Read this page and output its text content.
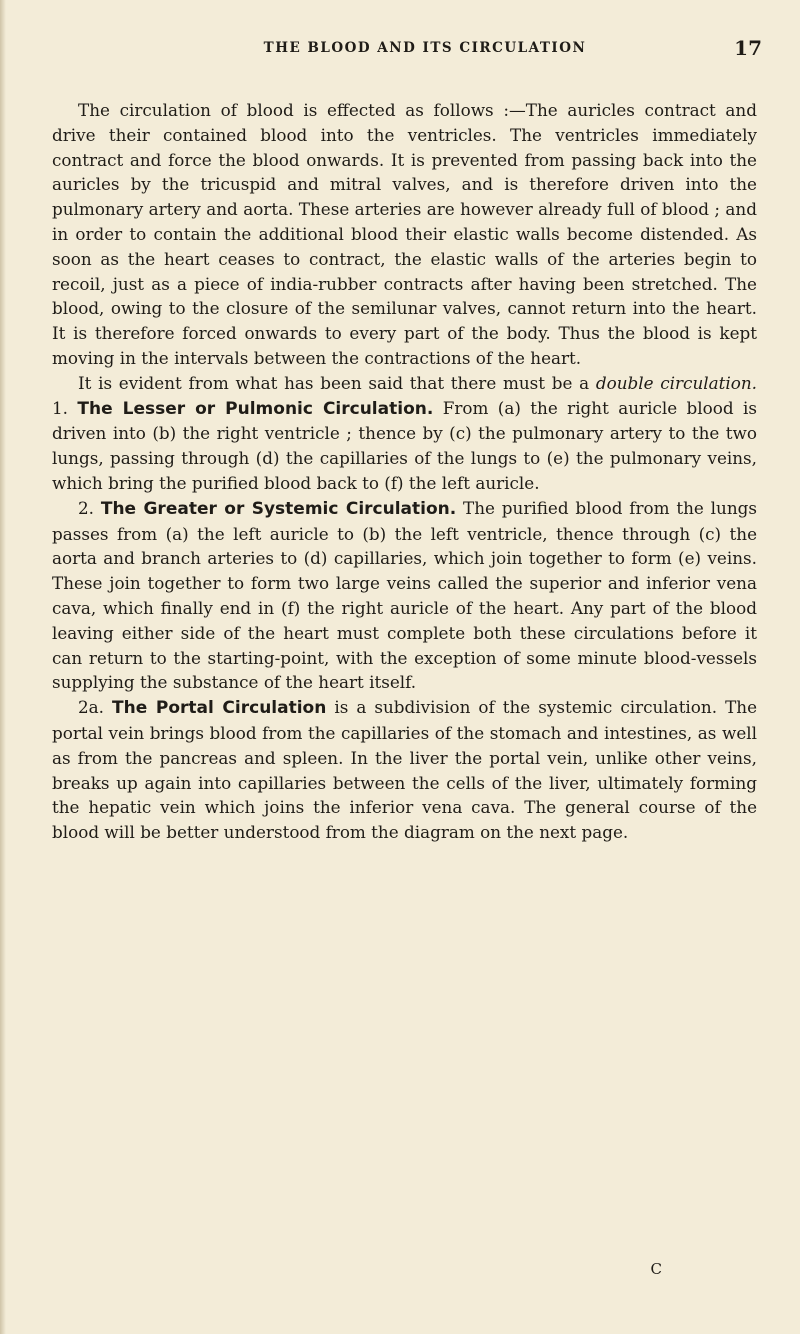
THE BLOOD AND ITS CIRCULATION	17

The circulation of blood is effected as follows :—The auricles contract and drive their contained blood into the ventricles. The ventricles immediately contract and force the blood onwards. It is prevented from passing back into the auricles by the tricuspid and mitral valves, and is therefore driven into the pulmonary artery and aorta. These arteries are however already full of blood ; and in order to contain the additional blood their elastic walls become distended. As soon as the heart ceases to contract, the elastic walls of the arteries begin to recoil, just as a piece of india-rubber contracts after having been stretched. The blood, owing to the closure of the semilunar valves, cannot return into the heart. It is therefore forced onwards to every part of the body. Thus the blood is kept moving in the intervals between the contractions of the heart.

It is evident from what has been said that there must be a double circulation. 1. The Lesser or Pulmonic Circulation. From (a) the right auricle blood is driven into (b) the right ventricle ; thence by (c) the pulmonary artery to the two lungs, passing through (d) the capillaries of the lungs to (e) the pulmonary veins, which bring the purified blood back to (f) the left auricle.

2. The Greater or Systemic Circulation. The purified blood from the lungs passes from (a) the left auricle to (b) the left ventricle, thence through (c) the aorta and branch arteries to (d) capillaries, which join together to form (e) veins. These join together to form two large veins called the superior and inferior vena cava, which finally end in (f) the right auricle of the heart. Any part of the blood leaving either side of the heart must complete both these circulations before it can return to the starting-point, with the exception of some minute blood-vessels supplying the substance of the heart itself.

2a. The Portal Circulation is a subdivision of the systemic circulation. The portal vein brings blood from the capillaries of the stomach and intestines, as well as from the pancreas and spleen. In the liver the portal vein, unlike other veins, breaks up again into capillaries between the cells of the liver, ultimately forming the hepatic vein which joins the inferior vena cava. The general course of the blood will be better understood from the diagram on the next page.

C
